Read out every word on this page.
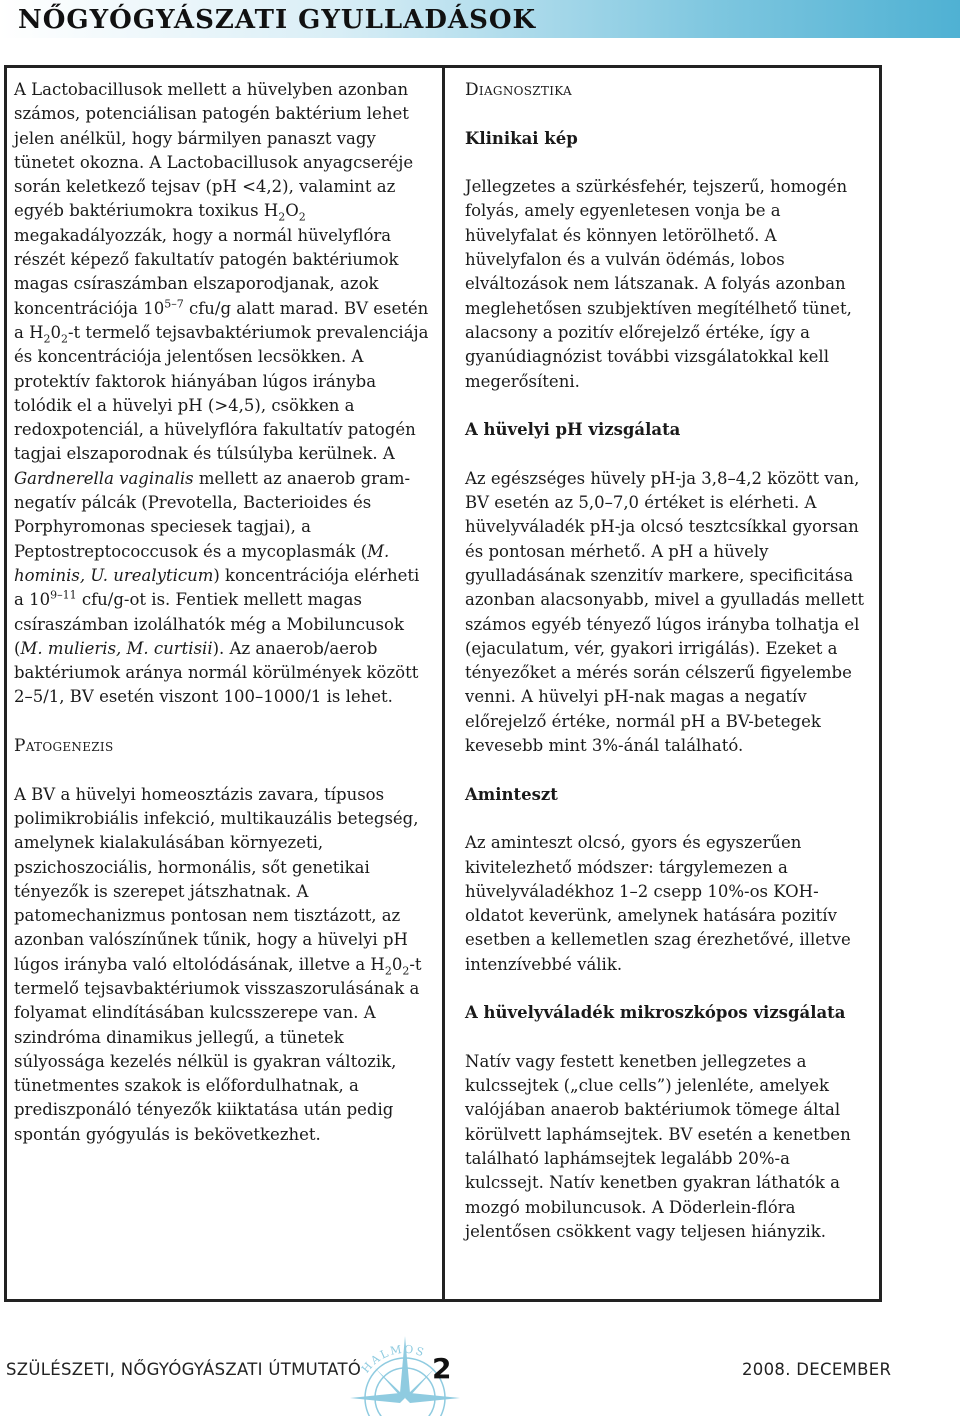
NŐGYÓGYÁSZATI GYULLADÁSOK

A Lactobacillusok mellett a hüvelyben azonban számos, potenciálisan patogén baktérium lehet jelen anélkül, hogy bármilyen panaszt vagy tünetet okozna. A Lactobacillusok anyagcseréje során keletkező tejsav (pH <4,2), valamint az egyéb baktériumokra toxikus $H_2O_2$ megakadályozzák, hogy a normál hüvelyflóra részét képező fakultatív patogén baktériumok magas csíraszámban elszaporodjanak, azok koncentrációja 10$^{5-7}$ cfu/g alatt marad. BV esetén a $H_20_2-t$ termelő tejsavbaktériumok prevalenciája és koncentrációja jelentősen lecsökken. A protektív faktorok hiányában lúgos irányba tolódik el a hüvelyi pH (>4,5), csökken a redoxpotenciál, a hüvelyflóra fakultatív patogén tagjai elszaporodnak és túlsúlyba kerülnek. A Gardnerella vaginalis mellett az anaerob gram-negatív pálcák (Prevotella, Bacterioides és Porphyromonas speciesek tagjai), a Peptostreptococcusok és a mycoplasmák (M. hominis, U. urealyticum) koncentrációja elérheti a 10$^{9-11}$ cfu/g-ot is. Fentiek mellett magas csíraszámban izolálhatók még a Mobiluncusok (M. mulieris, M. curtisii). Az anaerob/aerob baktériumok aránya normál körülmények között 2–5/1, BV esetén viszont 100–1000/1 is lehet.

Patogenezis

A BV a hüvelyi homeosztázis zavara, típusos polimikrobiális infekció, multikauzális betegség, amelynek kialakulásában környezeti, pszichoszociális, hormonális, sőt genetikai tényezők is szerepet játszhatnak. A patomechanizmus pontosan nem tisztázott, az azonban valószínűnek tűnik, hogy a hüvelyi pH lúgos irányba való eltolódásának, illetve a $H_20_2-t$ termelő tejsavbaktériumok visszaszorulásának a folyamat elindításában kulcsszerepe van. A szindróma dinamikus jellegű, a tünetek súlyossága kezelés nélkül is gyakran változik, tünetmentes szakok is előfordulhatnak, a prediszponáló tényezők kiiktatása után pedig spontán gyógyulás is bekövetkezhet.

Diagnosztika
Klinikai kép

Jellegzetes a szürkésfehér, tejszerű, homogén folyás, amely egyenletesen vonja be a hüvelyfalat és könnyen letörölhető. A hüvelyfalon és a vulván ödémás, lobos elváltozások nem látszanak. A folyás azonban meglehetősen szubjektíven megítélhető tünet, alacsony a pozitív előrejelző értéke, így a gyanúdiagnózist további vizsgálatokkal kell megerősíteni.

A hüvelyi pH vizsgálata

Az egészséges hüvely pH-ja 3,8–4,2 között van, BV esetén az 5,0–7,0 értéket is elérheti. A hüvelyváladék pH-ja olcsó tesztcsíkkal gyorsan és pontosan mérhető. A pH a hüvely gyulladásának szenzitív markere, specificitása azonban alacsonyabb, mivel a gyulladás mellett számos egyéb tényező lúgos irányba tolhatja el (ejaculatum, vér, gyakori irrigálás). Ezeket a tényezőket a mérés során célszerű figyelembe venni. A hüvelyi pH-nak magas a negatív előrejelző értéke, normál pH a BV-betegek kevesebb mint 3%-ánál található.

Aminteszt

Az aminteszt olcsó, gyors és egyszerűen kivitelezhető módszer: tárgylemezen a hüvelyváladékhoz 1–2 csepp 10%-os KOH-oldatot keverünk, amelynek hatására pozitív esetben a kellemetlen szag érezhetővé, illetve intenzívebbé válik.

A hüvelyváladék mikroszkópos vizsgálata

Natív vagy festett kenetben jellegzetes a kulcssejtek („clue cells”) jelenléte, amelyek valójában anaerob baktériumok tömege által körülvett laphámsejtek. BV esetén a kenetben található laphámsejtek legalább 20%-a kulcssejt. Natív kenetben gyakran láthatók a mozgó mobiluncusok. A Döderlein-flóra jelentősen csökkent vagy teljesen hiányzik.

HALMOS
SZÜLÉSZETI, NŐGYÓGYÁSZATI ÚTMUTATÓ	2	2008. DECEMBER
